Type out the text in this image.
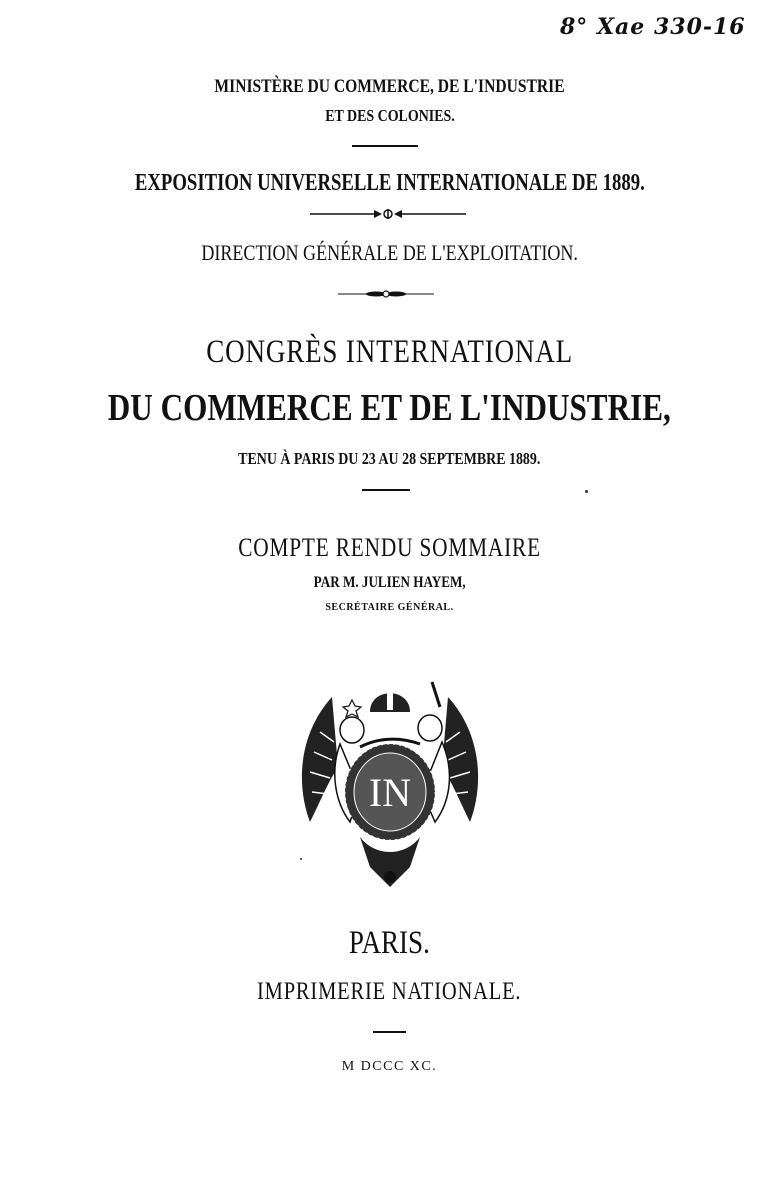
8° Xae 330-16
MINISTÈRE DU COMMERCE, DE L'INDUSTRIE
ET DES COLONIES.
EXPOSITION UNIVERSELLE INTERNATIONALE DE 1889.
DIRECTION GÉNÉRALE DE L'EXPLOITATION.
CONGRÈS INTERNATIONAL
DU COMMERCE ET DE L'INDUSTRIE,
TENU À PARIS DU 23 AU 28 SEPTEMBRE 1889.
COMPTE RENDU SOMMAIRE
PAR M. JULIEN HAYEM,
SECRÉTAIRE GÉNÉRAL.
IN
PARIS.
IMPRIMERIE NATIONALE.
M DCCC XC.
